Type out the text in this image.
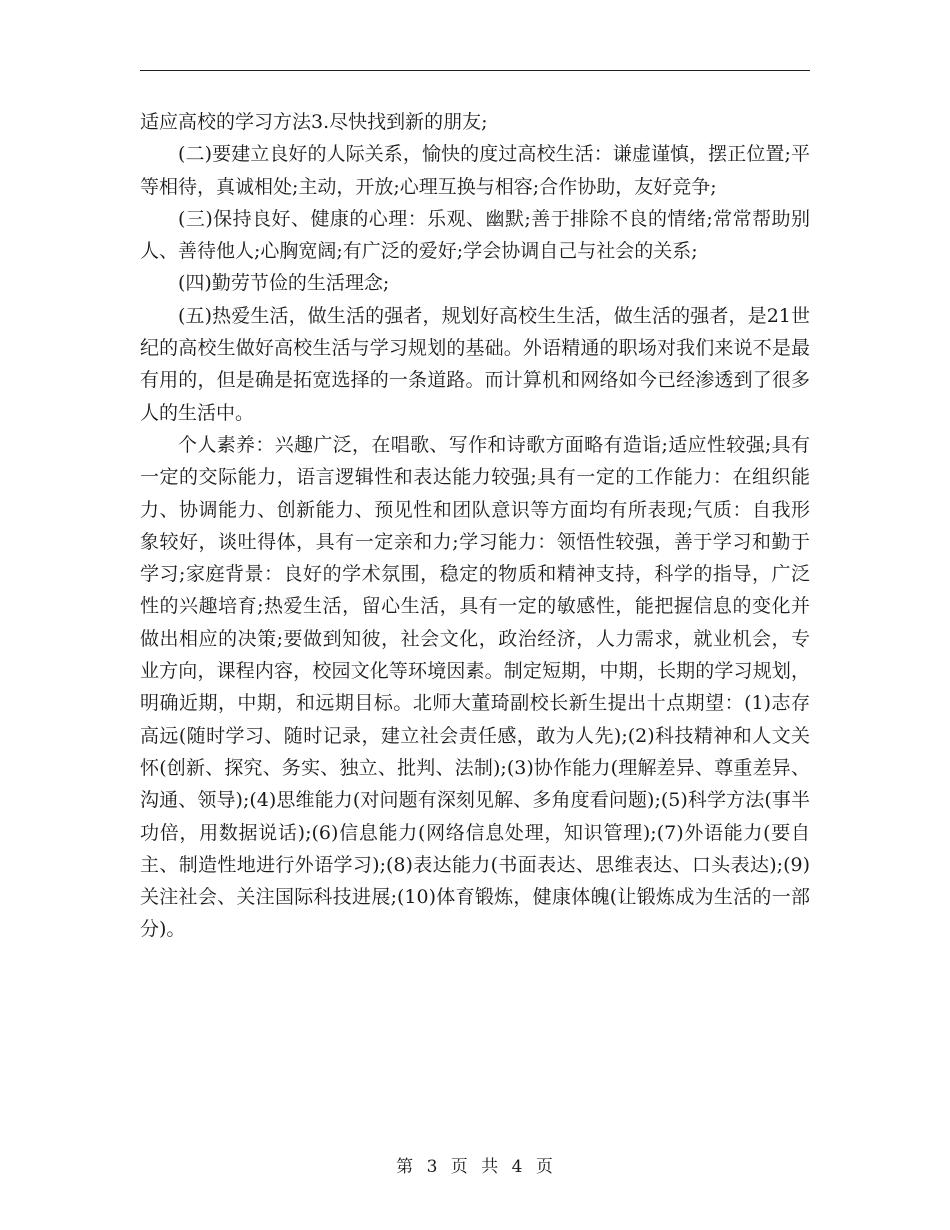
适应高校的学习方法3.尽快找到新的朋友;

(二)要建立良好的人际关系，愉快的度过高校生活：谦虚谨慎，摆正位置;平等相待，真诚相处;主动，开放;心理互换与相容;合作协助，友好竞争;

(三)保持良好、健康的心理：乐观、幽默;善于排除不良的情绪;常常帮助别人、善待他人;心胸宽阔;有广泛的爱好;学会协调自己与社会的关系;

(四)勤劳节俭的生活理念;

(五)热爱生活，做生活的强者，规划好高校生生活，做生活的强者，是21世纪的高校生做好高校生活与学习规划的基础。外语精通的职场对我们来说不是最有用的，但是确是拓宽选择的一条道路。而计算机和网络如今已经渗透到了很多人的生活中。

个人素养：兴趣广泛，在唱歌、写作和诗歌方面略有造诣;适应性较强;具有一定的交际能力，语言逻辑性和表达能力较强;具有一定的工作能力：在组织能力、协调能力、创新能力、预见性和团队意识等方面均有所表现;气质：自我形象较好，谈吐得体，具有一定亲和力;学习能力：领悟性较强，善于学习和勤于学习;家庭背景：良好的学术氛围，稳定的物质和精神支持，科学的指导，广泛性的兴趣培育;热爱生活，留心生活，具有一定的敏感性，能把握信息的变化并做出相应的决策;要做到知彼，社会文化，政治经济，人力需求，就业机会，专业方向，课程内容，校园文化等环境因素。制定短期，中期，长期的学习规划，明确近期，中期，和远期目标。北师大董琦副校长新生提出十点期望：(1)志存高远(随时学习、随时记录，建立社会责任感，敢为人先);(2)科技精神和人文关怀(创新、探究、务实、独立、批判、法制);(3)协作能力(理解差异、尊重差异、沟通、领导);(4)思维能力(对问题有深刻见解、多角度看问题);(5)科学方法(事半功倍，用数据说话);(6)信息能力(网络信息处理，知识管理);(7)外语能力(要自主、制造性地进行外语学习);(8)表达能力(书面表达、思维表达、口头表达);(9)关注社会、关注国际科技进展;(10)体育锻炼，健康体魄(让锻炼成为生活的一部分)。

第 3 页 共 4 页
